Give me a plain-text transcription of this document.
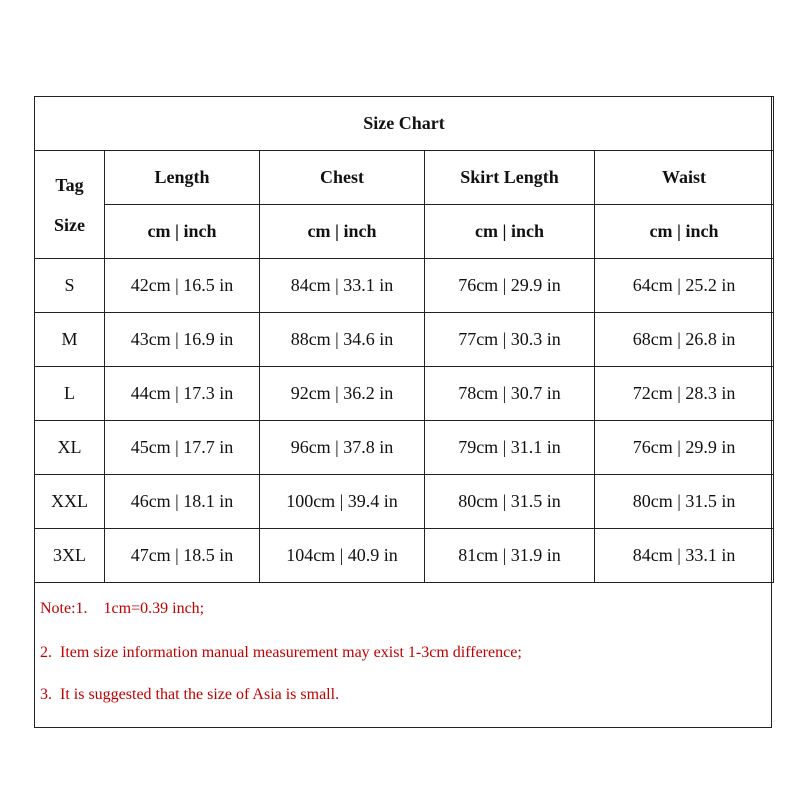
Size Chart				

Tag
Size	Length	Chest	Skirt Length	Waist
	cm | inch	cm | inch	cm | inch	cm | inch
S	42cm | 16.5 in	84cm | 33.1 in	76cm | 29.9 in	64cm | 25.2 in
M	43cm | 16.9 in	88cm | 34.6 in	77cm | 30.3 in	68cm | 26.8 in
L	44cm | 17.3 in	92cm | 36.2 in	78cm | 30.7 in	72cm | 28.3 in
XL	45cm | 17.7 in	96cm | 37.8 in	79cm | 31.1 in	76cm | 29.9 in
XXL	46cm | 18.1 in	100cm | 39.4 in	80cm | 31.5 in	80cm | 31.5 in
3XL	47cm | 18.5 in	104cm | 40.9 in	81cm | 31.9 in	84cm | 33.1 in
Note:1.    1cm=0.39 inch;
2.  Item size information manual measurement may exist 1-3cm difference;
3.  It is suggested that the size of Asia is small.
